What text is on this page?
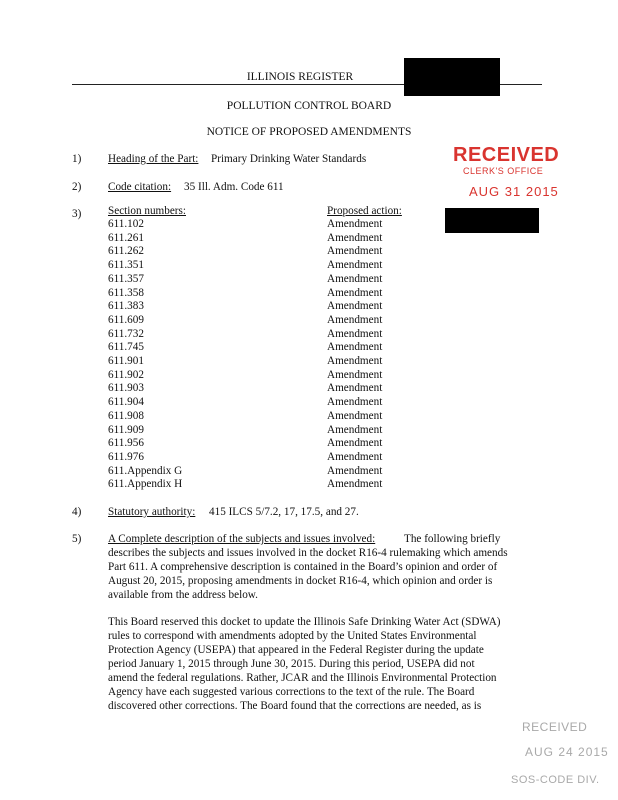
ILLINOIS REGISTER
POLLUTION CONTROL BOARD
NOTICE OF PROPOSED AMENDMENTS
RECEIVED
CLERK'S OFFICE
AUG 31 2015
1) Heading of the Part: Primary Drinking Water Standards
2) Code citation: 35 Ill. Adm. Code 611
3) Section numbers:	Proposed action:
611.102	Amendment
611.261	Amendment
611.262	Amendment
611.351	Amendment
611.357	Amendment
611.358	Amendment
611.383	Amendment
611.609	Amendment
611.732	Amendment
611.745	Amendment
611.901	Amendment
611.902	Amendment
611.903	Amendment
611.904	Amendment
611.908	Amendment
611.909	Amendment
611.956	Amendment
611.976	Amendment
611.Appendix G	Amendment
611.Appendix H	Amendment
4) Statutory authority: 415 ILCS 5/7.2, 17, 17.5, and 27.
5) A Complete description of the subjects and issues involved:	The following briefly
describes the subjects and issues involved in the docket R16-4 rulemaking which amends
Part 611. A comprehensive description is contained in the Board’s opinion and order of
August 20, 2015, proposing amendments in docket R16-4, which opinion and order is
available from the address below.
This Board reserved this docket to update the Illinois Safe Drinking Water Act (SDWA)
rules to correspond with amendments adopted by the United States Environmental
Protection Agency (USEPA) that appeared in the Federal Register during the update
period January 1, 2015 through June 30, 2015. During this period, USEPA did not
amend the federal regulations. Rather, JCAR and the Illinois Environmental Protection
Agency have each suggested various corrections to the text of the rule. The Board
discovered other corrections. The Board found that the corrections are needed, as is
RECEIVED
AUG 24 2015
SOS-CODE DIV.
